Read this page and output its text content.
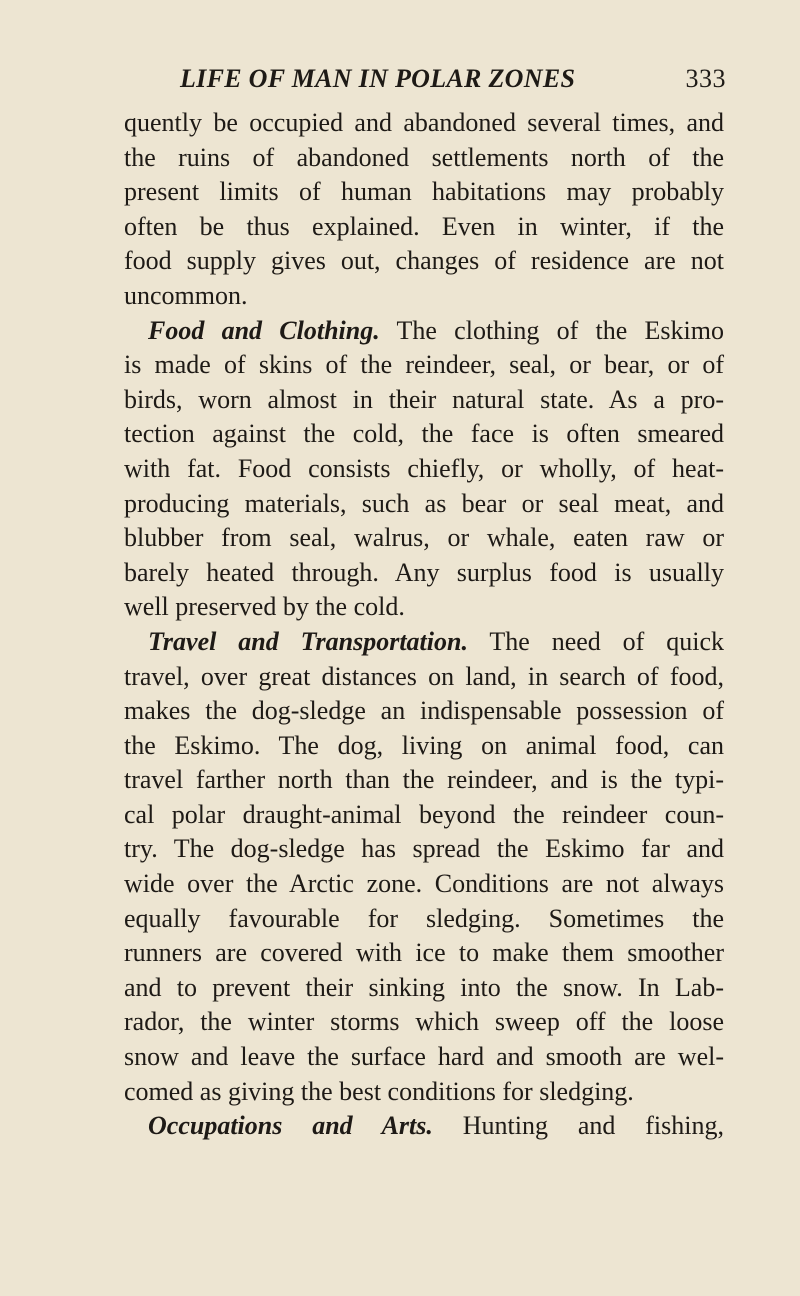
LIFE OF MAN IN POLAR ZONES	333
quently be occupied and abandoned several times, and
the ruins of abandoned settlements north of the
present limits of human habitations may probably
often be thus explained. Even in winter, if the
food supply gives out, changes of residence are not
uncommon.
Food and Clothing. The clothing of the Eskimo
is made of skins of the reindeer, seal, or bear, or of
birds, worn almost in their natural state. As a pro-
tection against the cold, the face is often smeared
with fat. Food consists chiefly, or wholly, of heat-
producing materials, such as bear or seal meat, and
blubber from seal, walrus, or whale, eaten raw or
barely heated through. Any surplus food is usually
well preserved by the cold.
Travel and Transportation. The need of quick
travel, over great distances on land, in search of food,
makes the dog-sledge an indispensable possession of
the Eskimo. The dog, living on animal food, can
travel farther north than the reindeer, and is the typi-
cal polar draught-animal beyond the reindeer coun-
try. The dog-sledge has spread the Eskimo far and
wide over the Arctic zone. Conditions are not always
equally favourable for sledging. Sometimes the
runners are covered with ice to make them smoother
and to prevent their sinking into the snow. In Lab-
rador, the winter storms which sweep off the loose
snow and leave the surface hard and smooth are wel-
comed as giving the best conditions for sledging.
Occupations and Arts. Hunting and fishing,
